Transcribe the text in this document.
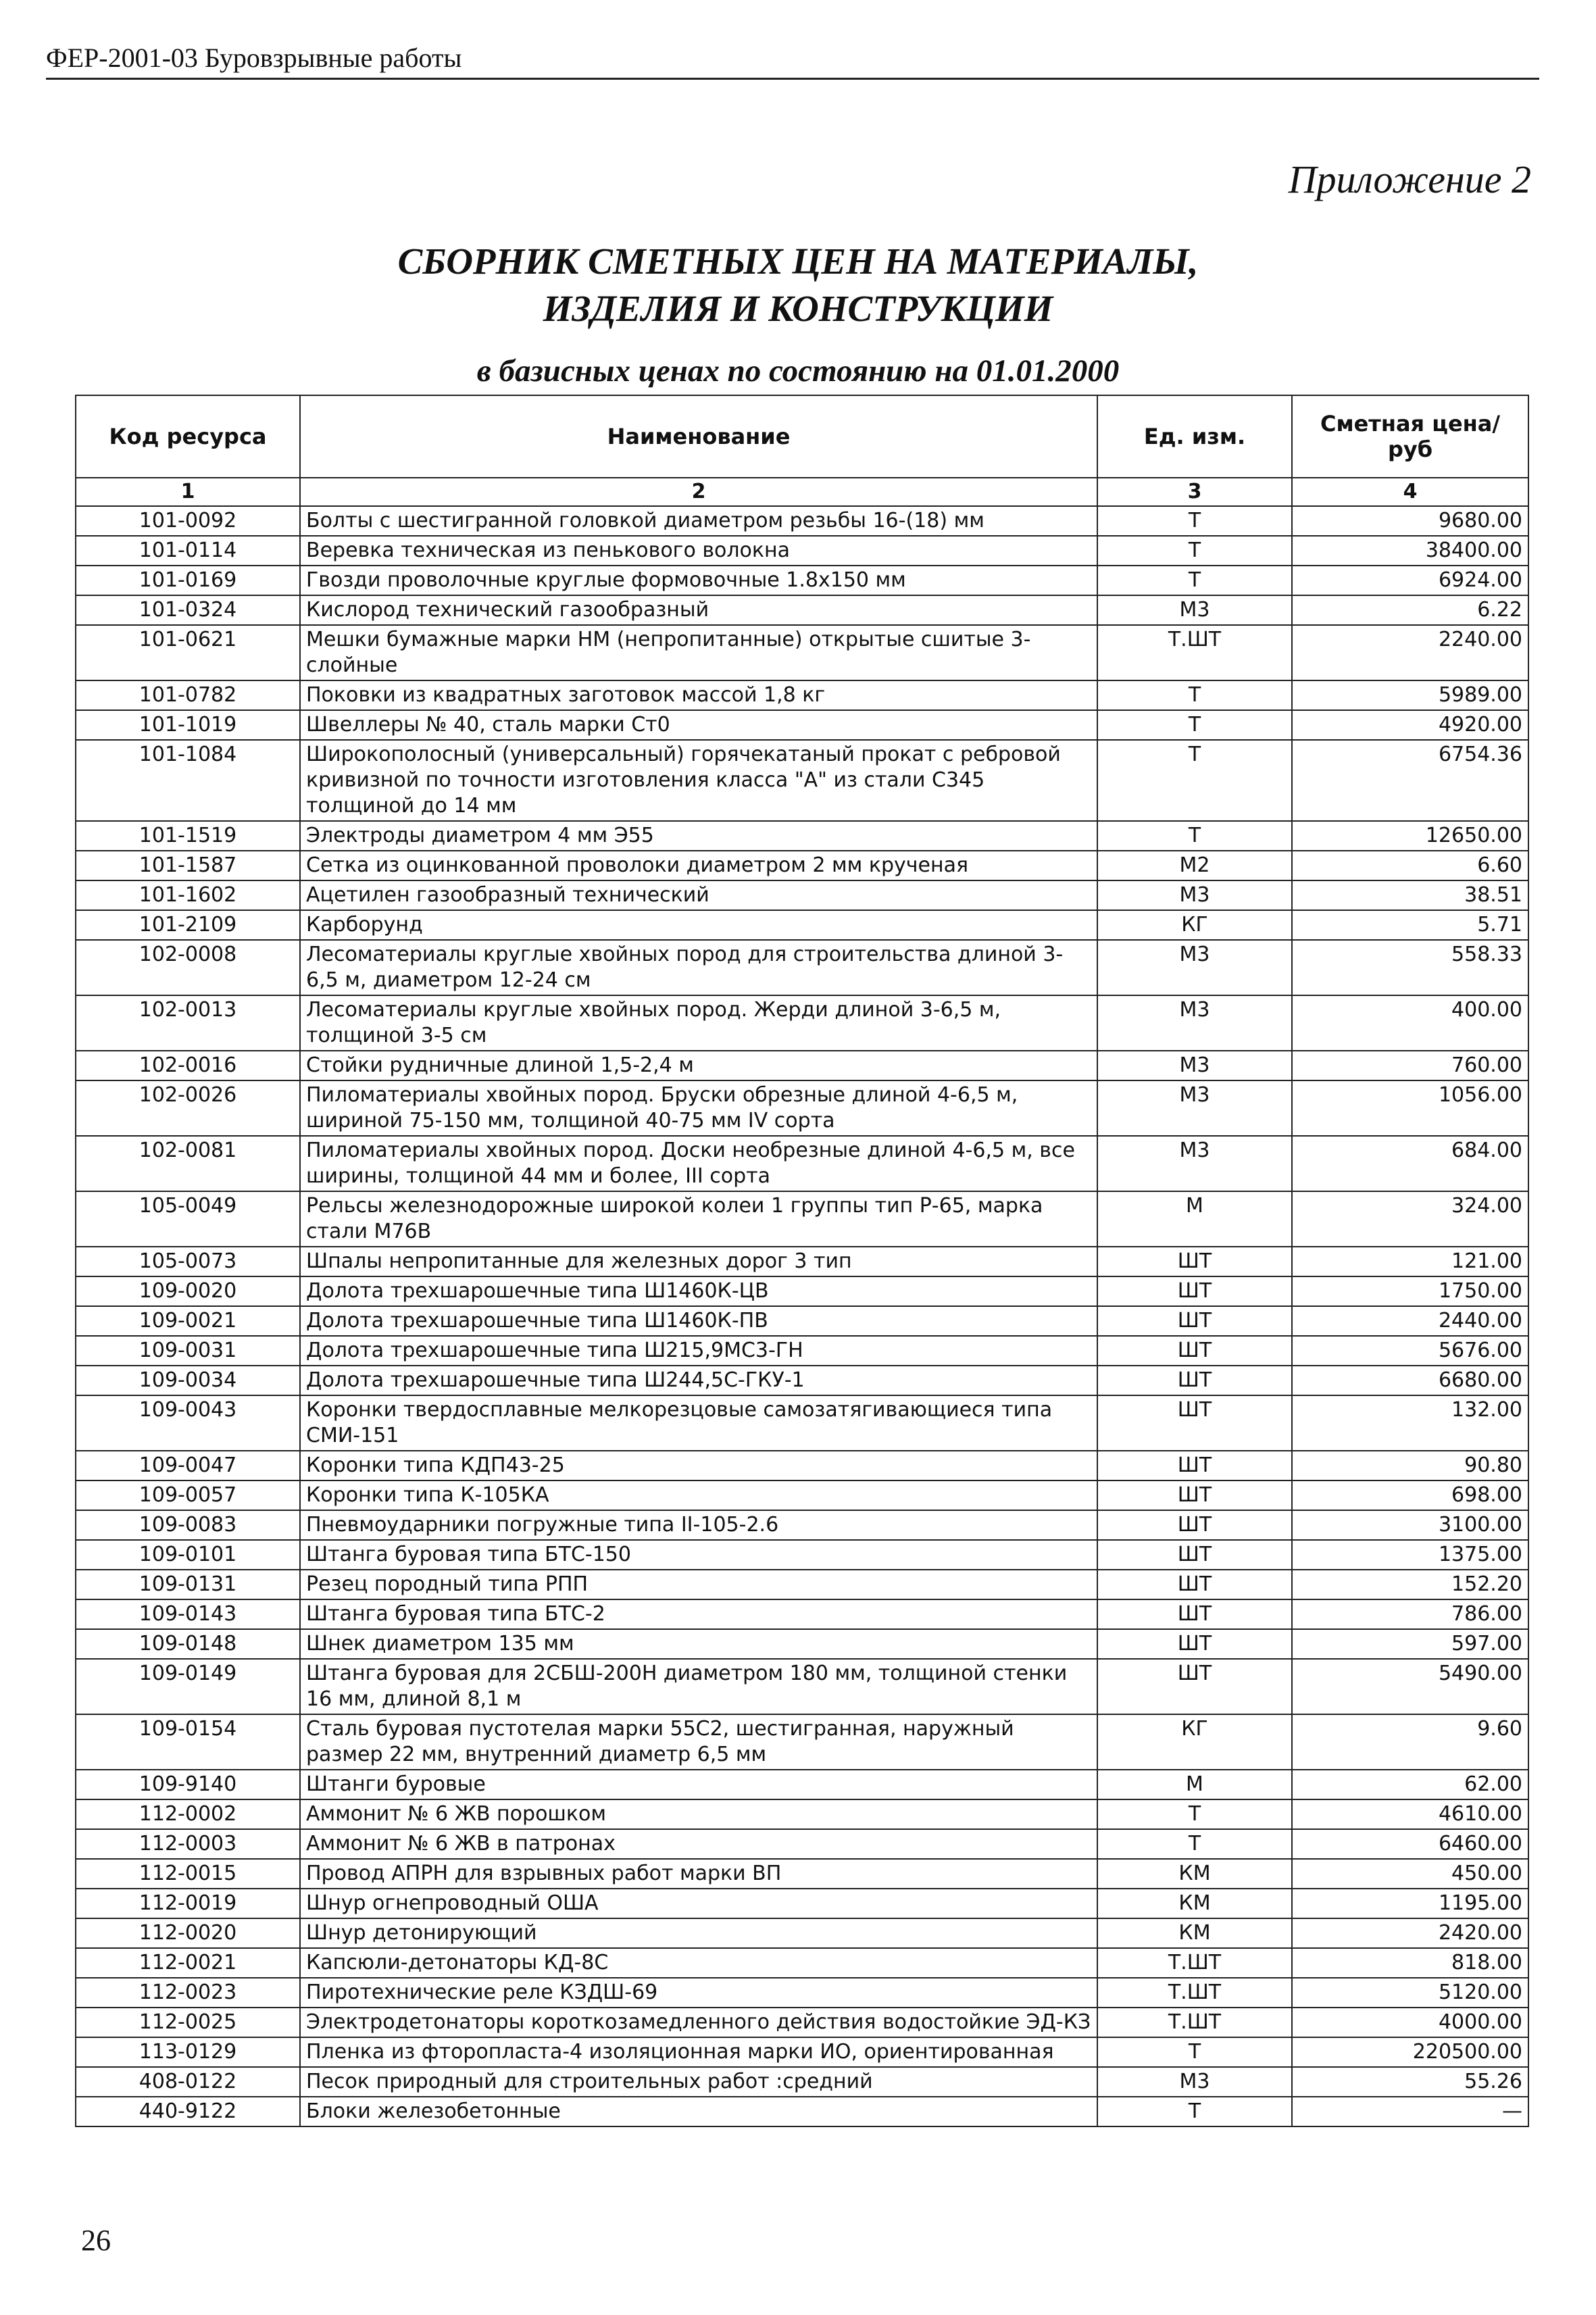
ФЕР-2001-03 Буровзрывные работы
Приложение 2
СБОРНИК СМЕТНЫХ ЦЕН НА МАТЕРИАЛЫ,
ИЗДЕЛИЯ И КОНСТРУКЦИИ
в базисных ценах по состоянию на 01.01.2000
Код ресурса	Наименование	Ед. изм.	Сметная цена/руб
1	2	3	4
101-0092	Болты с шестигранной головкой диаметром резьбы 16-(18) мм	Т	9680.00
101-0114	Веревка техническая из пенькового волокна	Т	38400.00
101-0169	Гвозди проволочные круглые формовочные 1.8x150 мм	Т	6924.00
101-0324	Кислород технический газообразный	М3	6.22
101-0621	Мешки бумажные марки НМ (непропитанные) открытые сшитые 3-слойные	Т.ШТ	2240.00
101-0782	Поковки из квадратных заготовок массой 1,8 кг	Т	5989.00
101-1019	Швеллеры № 40, сталь марки Ст0	Т	4920.00
101-1084	Широкополосный (универсальный) горячекатаный прокат с ребровой кривизной по точности изготовления класса "А" из стали С345 толщиной до 14 мм	Т	6754.36
101-1519	Электроды диаметром 4 мм Э55	Т	12650.00
101-1587	Сетка из оцинкованной проволоки диаметром 2 мм крученая	М2	6.60
101-1602	Ацетилен газообразный технический	М3	38.51
101-2109	Карборунд	КГ	5.71
102-0008	Лесоматериалы круглые хвойных пород для строительства длиной 3-6,5 м, диаметром 12-24 см	М3	558.33
102-0013	Лесоматериалы круглые хвойных пород. Жерди длиной 3-6,5 м, толщиной 3-5 см	М3	400.00
102-0016	Стойки рудничные длиной 1,5-2,4 м	М3	760.00
102-0026	Пиломатериалы хвойных пород. Бруски обрезные длиной 4-6,5 м, шириной 75-150 мм, толщиной 40-75 мм IV сорта	М3	1056.00
102-0081	Пиломатериалы хвойных пород. Доски необрезные длиной 4-6,5 м, все ширины, толщиной 44 мм и более, III сорта	М3	684.00
105-0049	Рельсы железнодорожные широкой колеи 1 группы тип Р-65, марка стали М76В	М	324.00
105-0073	Шпалы непропитанные для железных дорог 3 тип	ШТ	121.00
109-0020	Долота трехшарошечные типа Ш1460К-ЦВ	ШТ	1750.00
109-0021	Долота трехшарошечные типа Ш1460К-ПВ	ШТ	2440.00
109-0031	Долота трехшарошечные типа Ш215,9МС3-ГН	ШТ	5676.00
109-0034	Долота трехшарошечные типа Ш244,5С-ГКУ-1	ШТ	6680.00
109-0043	Коронки твердосплавные мелкорезцовые самозатягивающиеся типа СМИ-151	ШТ	132.00
109-0047	Коронки типа КДП43-25	ШТ	90.80
109-0057	Коронки типа К-105КА	ШТ	698.00
109-0083	Пневмоударники погружные типа II-105-2.6	ШТ	3100.00
109-0101	Штанга буровая типа БТС-150	ШТ	1375.00
109-0131	Резец породный типа РПП	ШТ	152.20
109-0143	Штанга буровая типа БТС-2	ШТ	786.00
109-0148	Шнек диаметром 135 мм	ШТ	597.00
109-0149	Штанга буровая для 2СБШ-200Н диаметром 180 мм, толщиной стенки 16 мм, длиной 8,1 м	ШТ	5490.00
109-0154	Сталь буровая пустотелая марки 55С2, шестигранная, наружный размер 22 мм, внутренний диаметр 6,5 мм	КГ	9.60
109-9140	Штанги буровые	М	62.00
112-0002	Аммонит № 6 ЖВ порошком	Т	4610.00
112-0003	Аммонит № 6 ЖВ в патронах	Т	6460.00
112-0015	Провод АПРН для взрывных работ марки ВП	КМ	450.00
112-0019	Шнур огнепроводный ОША	КМ	1195.00
112-0020	Шнур детонирующий	КМ	2420.00
112-0021	Капсюли-детонаторы КД-8С	Т.ШТ	818.00
112-0023	Пиротехнические реле КЗДШ-69	Т.ШТ	5120.00
112-0025	Электродетонаторы короткозамедленного действия водостойкие ЭД-КЗ	Т.ШТ	4000.00
113-0129	Пленка из фторопласта-4 изоляционная марки ИО, ориентированная	Т	220500.00
408-0122	Песок природный для строительных работ :средний	М3	55.26
440-9122	Блоки железобетонные	Т	—
26
